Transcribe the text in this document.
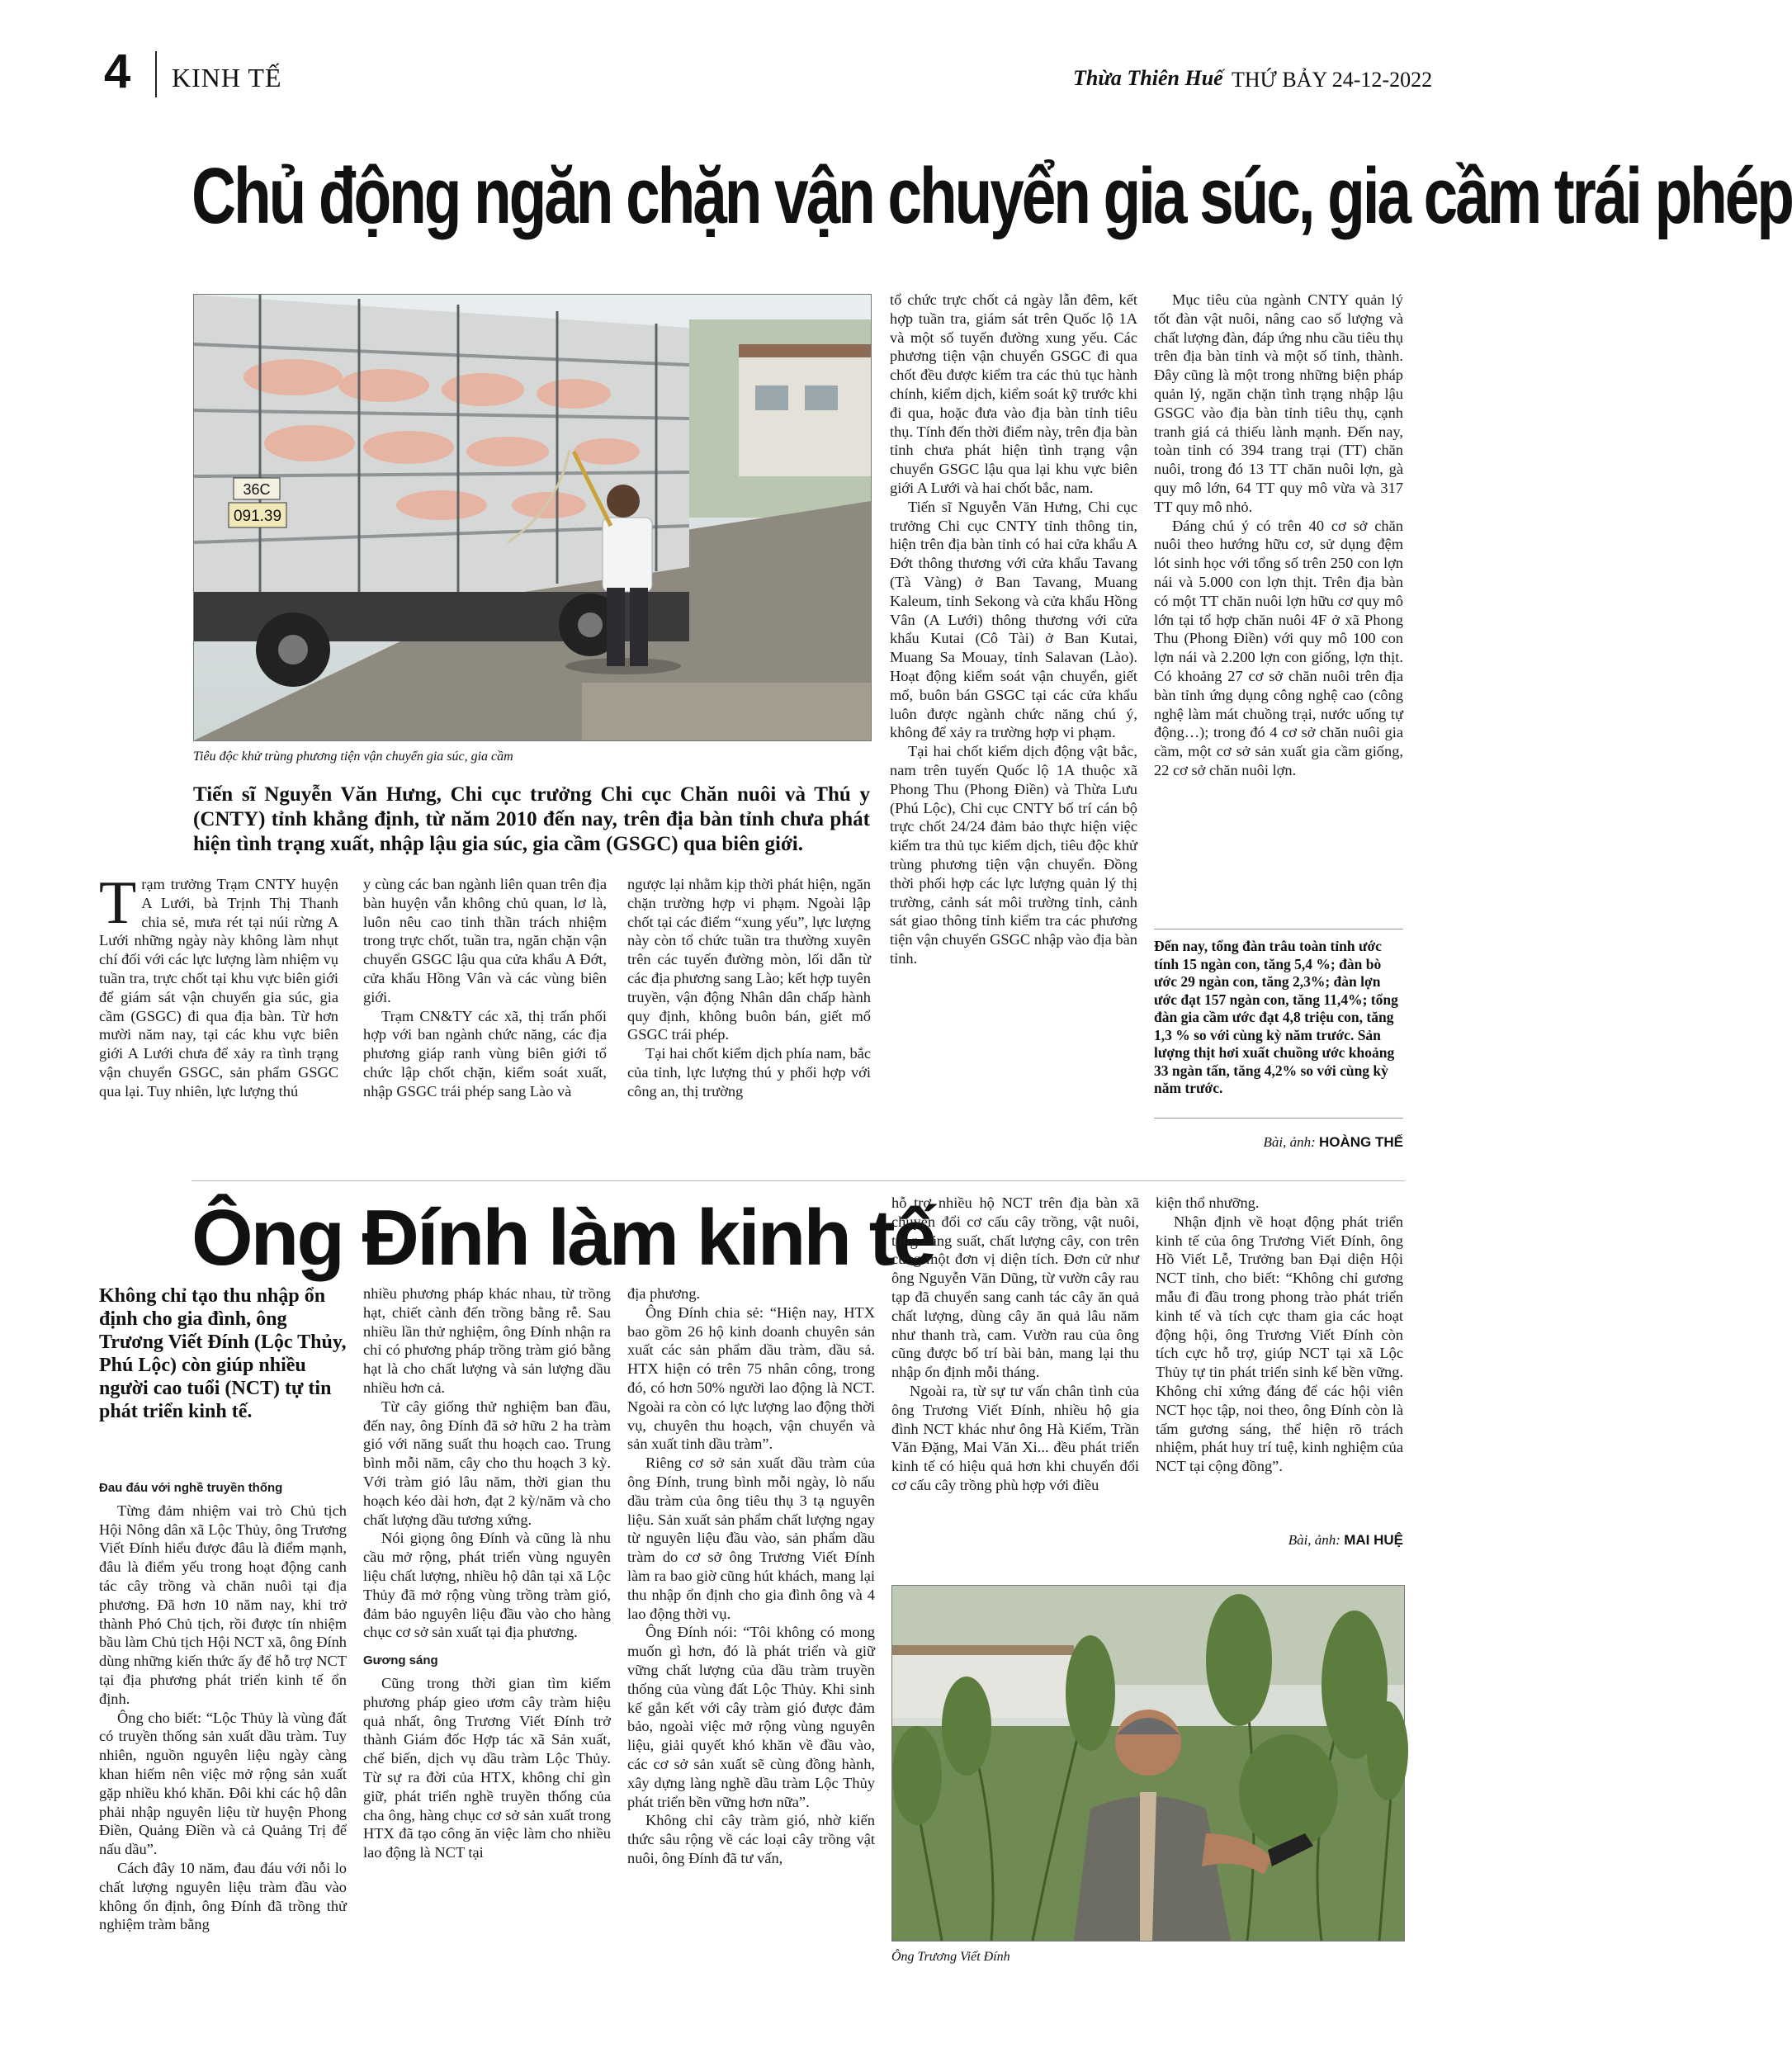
4 KINH TẾ	Thừa Thiên Huế THỨ BẢY 24-12-2022
Chủ động ngăn chặn vận chuyển gia súc, gia cầm trái phép
36C
091.39
Tiêu độc khử trùng phương tiện vận chuyển gia súc, gia cầm
Tiến sĩ Nguyễn Văn Hưng, Chi cục trưởng Chi cục Chăn nuôi và Thú y (CNTY) tỉnh khẳng định, từ năm 2010 đến nay, trên địa bàn tỉnh chưa phát hiện tình trạng xuất, nhập lậu gia súc, gia cầm (GSGC) qua biên giới.

Trạm trưởng Trạm CNTY huyện A Lưới, bà Trịnh Thị Thanh chia sẻ, mưa rét tại núi rừng A Lưới những ngày này không làm nhụt chí đối với các lực lượng làm nhiệm vụ tuần tra, trực chốt tại khu vực biên giới để giám sát vận chuyển gia súc, gia cầm (GSGC) đi qua địa bàn. Từ hơn mười năm nay, tại các khu vực biên giới A Lưới chưa để xảy ra tình trạng vận chuyển GSGC, sản phẩm GSGC qua lại. Tuy nhiên, lực lượng thú

y cùng các ban ngành liên quan trên địa bàn huyện vẫn không chủ quan, lơ là, luôn nêu cao tinh thần trách nhiệm trong trực chốt, tuần tra, ngăn chặn vận chuyển GSGC lậu qua cửa khẩu A Đớt, cửa khẩu Hồng Vân và các vùng biên giới.

Trạm CN&TY các xã, thị trấn phối hợp với ban ngành chức năng, các địa phương giáp ranh vùng biên giới tổ chức lập chốt chặn, kiểm soát xuất, nhập GSGC trái phép sang Lào và

ngược lại nhằm kịp thời phát hiện, ngăn chặn trường hợp vi phạm. Ngoài lập chốt tại các điểm “xung yếu”, lực lượng này còn tổ chức tuần tra thường xuyên trên các tuyến đường mòn, lối dẫn từ các địa phương sang Lào; kết hợp tuyên truyền, vận động Nhân dân chấp hành quy định, không buôn bán, giết mổ GSGC trái phép.

Tại hai chốt kiểm dịch phía nam, bắc của tỉnh, lực lượng thú y phối hợp với công an, thị trường

tổ chức trực chốt cả ngày lẫn đêm, kết hợp tuần tra, giám sát trên Quốc lộ 1A và một số tuyến đường xung yếu. Các phương tiện vận chuyển GSGC đi qua chốt đều được kiểm tra các thủ tục hành chính, kiểm dịch, kiểm soát kỹ trước khi đi qua, hoặc đưa vào địa bàn tỉnh tiêu thụ. Tính đến thời điểm này, trên địa bàn tỉnh chưa phát hiện tình trạng vận chuyển GSGC lậu qua lại khu vực biên giới A Lưới và hai chốt bắc, nam.

Tiến sĩ Nguyễn Văn Hưng, Chi cục trưởng Chi cục CNTY tỉnh thông tin, hiện trên địa bàn tỉnh có hai cửa khẩu A Đớt thông thương với cửa khẩu Tavang (Tà Vàng) ở Ban Tavang, Muang Kaleum, tỉnh Sekong và cửa khẩu Hồng Vân (A Lưới) thông thương với cửa khẩu Kutai (Cô Tài) ở Ban Kutai, Muang Sa Mouay, tỉnh Salavan (Lào). Hoạt động kiểm soát vận chuyển, giết mổ, buôn bán GSGC tại các cửa khẩu luôn được ngành chức năng chú ý, không để xảy ra trường hợp vi phạm.

Tại hai chốt kiểm dịch động vật bắc, nam trên tuyến Quốc lộ 1A thuộc xã Phong Thu (Phong Điền) và Thừa Lưu (Phú Lộc), Chi cục CNTY bố trí cán bộ trực chốt 24/24 đảm bảo thực hiện việc kiểm tra thủ tục kiểm dịch, tiêu độc khử trùng phương tiện vận chuyển. Đồng thời phối hợp các lực lượng quản lý thị trường, cảnh sát môi trường tỉnh, cảnh sát giao thông tỉnh kiểm tra các phương tiện vận chuyển GSGC nhập vào địa bàn tỉnh.

Mục tiêu của ngành CNTY quản lý tốt đàn vật nuôi, nâng cao số lượng và chất lượng đàn, đáp ứng nhu cầu tiêu thụ trên địa bàn tỉnh và một số tỉnh, thành. Đây cũng là một trong những biện pháp quản lý, ngăn chặn tình trạng nhập lậu GSGC vào địa bàn tỉnh tiêu thụ, cạnh tranh giá cả thiếu lành mạnh. Đến nay, toàn tỉnh có 394 trang trại (TT) chăn nuôi, trong đó 13 TT chăn nuôi lợn, gà quy mô lớn, 64 TT quy mô vừa và 317 TT quy mô nhỏ.

Đáng chú ý có trên 40 cơ sở chăn nuôi theo hướng hữu cơ, sử dụng đệm lót sinh học với tổng số trên 250 con lợn nái và 5.000 con lợn thịt. Trên địa bàn có một TT chăn nuôi lợn hữu cơ quy mô lớn tại tổ hợp chăn nuôi 4F ở xã Phong Thu (Phong Điền) với quy mô 100 con lợn nái và 2.200 lợn con giống, lợn thịt. Có khoảng 27 cơ sở chăn nuôi trên địa bàn tỉnh ứng dụng công nghệ cao (công nghệ làm mát chuồng trại, nước uống tự động…); trong đó 4 cơ sở chăn nuôi gia cầm, một cơ sở sản xuất gia cầm giống, 22 cơ sở chăn nuôi lợn.

Đến nay, tổng đàn trâu toàn tỉnh ước tính 15 ngàn con, tăng 5,4 %; đàn bò ước 29 ngàn con, tăng 2,3%; đàn lợn ước đạt 157 ngàn con, tăng 11,4%; tổng đàn gia cầm ước đạt 4,8 triệu con, tăng 1,3 % so với cùng kỳ năm trước. Sản lượng thịt hơi xuất chuồng ước khoảng 33 ngàn tấn, tăng 4,2% so với cùng kỳ năm trước.
Bài, ảnh: HOÀNG THẾ
Ông Đính làm kinh tế
Không chỉ tạo thu nhập ổn định cho gia đình, ông Trương Viết Đính (Lộc Thủy, Phú Lộc) còn giúp nhiều người cao tuổi (NCT) tự tin phát triển kinh tế.
Đau đáu với nghề truyền thống

Từng đảm nhiệm vai trò Chủ tịch Hội Nông dân xã Lộc Thủy, ông Trương Viết Đính hiểu được đâu là điểm mạnh, đâu là điểm yếu trong hoạt động canh tác cây trồng và chăn nuôi tại địa phương. Đã hơn 10 năm nay, khi trở thành Phó Chủ tịch, rồi được tín nhiệm bầu làm Chủ tịch Hội NCT xã, ông Đính dùng những kiến thức ấy để hỗ trợ NCT tại địa phương phát triển kinh tế ổn định.

Ông cho biết: “Lộc Thủy là vùng đất có truyền thống sản xuất dầu tràm. Tuy nhiên, nguồn nguyên liệu ngày càng khan hiếm nên việc mở rộng sản xuất gặp nhiều khó khăn. Đôi khi các hộ dân phải nhập nguyên liệu từ huyện Phong Điền, Quảng Điền và cả Quảng Trị để nấu dầu”.

Cách đây 10 năm, đau đáu với nỗi lo chất lượng nguyên liệu tràm đầu vào không ổn định, ông Đính đã trồng thử nghiệm tràm bằng

nhiều phương pháp khác nhau, từ trồng hạt, chiết cành đến trồng bằng rễ. Sau nhiều lần thử nghiệm, ông Đính nhận ra chỉ có phương pháp trồng tràm gió bằng hạt là cho chất lượng và sản lượng dầu nhiều hơn cả.

Từ cây giống thử nghiệm ban đầu, đến nay, ông Đính đã sở hữu 2 ha tràm gió với năng suất thu hoạch cao. Trung bình mỗi năm, cây cho thu hoạch 3 kỳ. Với tràm gió lâu năm, thời gian thu hoạch kéo dài hơn, đạt 2 kỳ/năm và cho chất lượng dầu tương xứng.

Nói giọng ông Đính và cũng là nhu cầu mở rộng, phát triển vùng nguyên liệu chất lượng, nhiều hộ dân tại xã Lộc Thủy đã mở rộng vùng trồng tràm gió, đảm bảo nguyên liệu đầu vào cho hàng chục cơ sở sản xuất tại địa phương.

Gương sáng

Cũng trong thời gian tìm kiếm phương pháp gieo ươm cây tràm hiệu quả nhất, ông Trương Viết Đính trở thành Giám đốc Hợp tác xã Sản xuất, chế biến, dịch vụ dầu tràm Lộc Thủy. Từ sự ra đời của HTX, không chỉ gìn giữ, phát triển nghề truyền thống của cha ông, hàng chục cơ sở sản xuất trong HTX đã tạo công ăn việc làm cho nhiều lao động là NCT tại

địa phương.

Ông Đính chia sẻ: “Hiện nay, HTX bao gồm 26 hộ kinh doanh chuyên sản xuất các sản phẩm dầu tràm, dầu sả. HTX hiện có trên 75 nhân công, trong đó, có hơn 50% người lao động là NCT. Ngoài ra còn có lực lượng lao động thời vụ, chuyên thu hoạch, vận chuyển và sản xuất tinh dầu tràm”.

Riêng cơ sở sản xuất dầu tràm của ông Đính, trung bình mỗi ngày, lò nấu dầu tràm của ông tiêu thụ 3 tạ nguyên liệu. Sản xuất sản phẩm chất lượng ngay từ nguyên liệu đầu vào, sản phẩm dầu tràm do cơ sở ông Trương Viết Đính làm ra bao giờ cũng hút khách, mang lại thu nhập ổn định cho gia đình ông và 4 lao động thời vụ.

Ông Đính nói: “Tôi không có mong muốn gì hơn, đó là phát triển và giữ vững chất lượng của dầu tràm truyền thống của vùng đất Lộc Thủy. Khi sinh kế gắn kết với cây tràm gió được đảm bảo, ngoài việc mở rộng vùng nguyên liệu, giải quyết khó khăn về đầu vào, các cơ sở sản xuất sẽ cùng đồng hành, xây dựng làng nghề dầu tràm Lộc Thủy phát triển bền vững hơn nữa”.

Không chỉ cây tràm gió, nhờ kiến thức sâu rộng về các loại cây trồng vật nuôi, ông Đính đã tư vấn,

hỗ trợ nhiều hộ NCT trên địa bàn xã chuyển đổi cơ cấu cây trồng, vật nuôi, tăng năng suất, chất lượng cây, con trên cùng một đơn vị diện tích. Đơn cử như ông Nguyễn Văn Dũng, từ vườn cây rau tạp đã chuyển sang canh tác cây ăn quả chất lượng, dùng cây ăn quả lâu năm như thanh trà, cam. Vườn rau của ông cũng được bố trí bài bản, mang lại thu nhập ổn định mỗi tháng.

Ngoài ra, từ sự tư vấn chân tình của ông Trương Viết Đính, nhiều hộ gia đình NCT khác như ông Hà Kiếm, Trần Văn Đặng, Mai Văn Xi... đều phát triển kinh tế có hiệu quả hơn khi chuyển đổi cơ cấu cây trồng phù hợp với điều

kiện thổ nhưỡng.

Nhận định về hoạt động phát triển kinh tế của ông Trương Viết Đính, ông Hồ Viết Lễ, Trưởng ban Đại diện Hội NCT tỉnh, cho biết: “Không chỉ gương mẫu đi đầu trong phong trào phát triển kinh tế và tích cực tham gia các hoạt động hội, ông Trương Viết Đính còn tích cực hỗ trợ, giúp NCT tại xã Lộc Thủy tự tin phát triển sinh kế bền vững. Không chỉ xứng đáng để các hội viên NCT học tập, noi theo, ông Đính còn là tấm gương sáng, thể hiện rõ trách nhiệm, phát huy trí tuệ, kinh nghiệm của NCT tại cộng đồng”.

Bài, ảnh: MAI HUỆ
Ông Trương Viết Đính
